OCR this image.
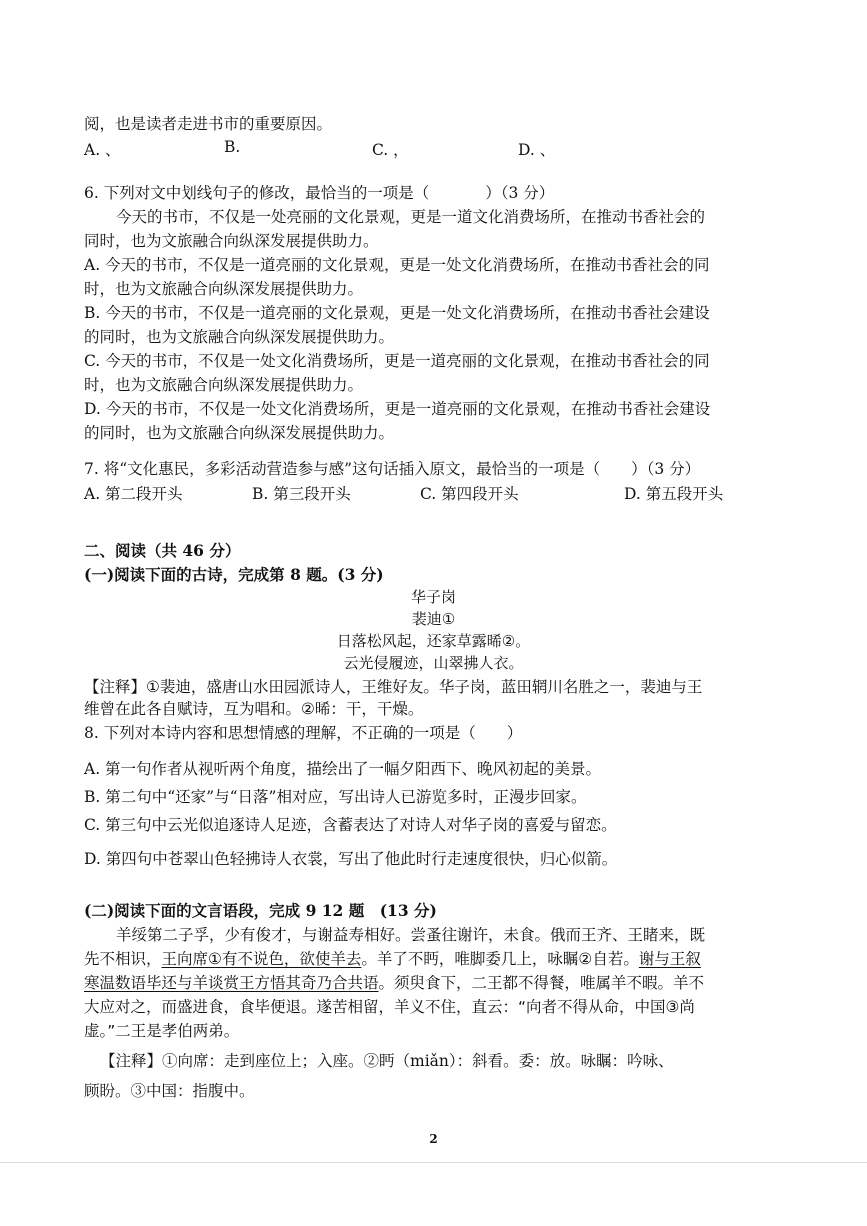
阅，也是读者走进书市的重要原因。
A. 、	B.	C. ，	D. 、
6. 下列对文中划线句子的修改，最恰当的一项是（	）（3 分）
今天的书市，不仅是一处亮丽的文化景观，更是一道文化消费场所，在推动书香社会的
同时，也为文旅融合向纵深发展提供助力。
A. 今天的书市，不仅是一道亮丽的文化景观，更是一处文化消费场所，在推动书香社会的同
时，也为文旅融合向纵深发展提供助力。
B. 今天的书市，不仅是一道亮丽的文化景观，更是一处文化消费场所，在推动书香社会建设
的同时，也为文旅融合向纵深发展提供助力。
C. 今天的书市，不仅是一处文化消费场所，更是一道亮丽的文化景观，在推动书香社会的同
时，也为文旅融合向纵深发展提供助力。
D. 今天的书市，不仅是一处文化消费场所，更是一道亮丽的文化景观，在推动书香社会建设
的同时，也为文旅融合向纵深发展提供助力。
7. 将“文化惠民，多彩活动营造参与感”这句话插入原文，最恰当的一项是（　　）（3 分）
A. 第二段开头	B. 第三段开头	C. 第四段开头	D. 第五段开头
二、阅读（共 46 分）
(一)阅读下面的古诗，完成第 8 题。(3 分)
华子岗
裴迪①
日落松风起，还家草露晞②。
云光侵履迹，山翠拂人衣。
【注释】①裴迪，盛唐山水田园派诗人，王维好友。华子岗，蓝田辋川名胜之一，裴迪与王
维曾在此各自赋诗，互为唱和。②晞：干，干燥。
8. 下列对本诗内容和思想情感的理解，不正确的一项是（　　）
A. 第一句作者从视听两个角度，描绘出了一幅夕阳西下、晚风初起的美景。
B. 第二句中“还家”与“日落”相对应，写出诗人已游览多时，正漫步回家。
C. 第三句中云光似追逐诗人足迹，含蓄表达了对诗人对华子岗的喜爱与留恋。
D. 第四句中苍翠山色轻拂诗人衣裳，写出了他此时行走速度很快，归心似箭。
(二)阅读下面的文言语段，完成 9 12 题　(13 分)
羊绥第二子孚，少有俊才，与谢益寿相好。尝蚤往谢许，未食。俄而王齐、王睹来，既
先不相识，王向席①有不说色，欲使羊去。羊了不眄，唯脚委几上，咏瞩②自若。谢与王叙
寒温数语毕还与羊谈赏王方悟其奇乃合共语。须臾食下，二王都不得餐，唯属羊不暇。羊不
大应对之，而盛进食，食毕便退。遂苦相留，羊义不住，直云：“向者不得从命，中国③尚
虚。”二王是孝伯两弟。
【注释】①向席：走到座位上；入座。②眄（miǎn）：斜看。委：放。咏瞩：吟咏、
顾盼。③中国：指腹中。
2
